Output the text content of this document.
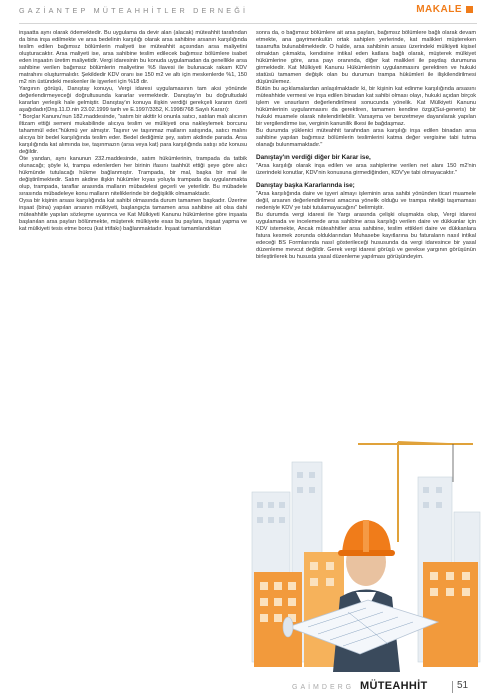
GAZİANTEP MÜTEAHHİTLER DERNEĞİ	MAKALE

inşaatta aynı olarak ödemektedir. Bu uygulama da devir alan (alacak) müteahhit tarafından da bina inşa edilmekte ve arsa bedelinin karşılığı olarak arsa sahibine arsanın karşılığında teslim edilen bağımsız bölümlerin maliyeti ise müteahhit açısından arsa maliyetini oluşturacaktır. Arsa maliyeti ise, arsa sahibine teslim edilecek bağımsız bölümlere isabet eden inşaatın üretim maliyetidir. Vergi idaresinin bu konuda uygulamadan da genellikle arsa sahibine verilen bağımsız bölümlerin maliyetine %5 ilavesi ile bulunacak rakam KDV matrahını oluşturmalıdır. Şekildedir KDV oranı ise 150 m2 ve altı için meskenlerde %1, 150 m2 nin üstündeki meskenler ile işyerleri için %18 dir.

Yargının görüşü, Danıştay konuyu, Vergi idaresi uygulamasının tam aksi yönünde değerlendirmeyeceği doğrultusunda kararlar vermektedir. Danıştay'ın bu doğrultudaki kararları yerleşik hale gelmiştir. Danıştay'ın konuya ilişkin verdiği gerekçeli kararın özeti aşağıdadır(Dnş.11.D.nin 23.02.1999 tarih ve E.1997/3352, K.1998/768 Sayılı Kararı):

" Borçlar Kanunu'nun 182.maddesinde, "satım bir akittir ki onunla satıcı, satılan malı alıcının iltizam ettiği semeni mukabilinde alıcıya teslim ve mülkiyeti ona nakleylemek borcunu tahammül eder."hükmü yer almıştır. Taşınır ve taşınmaz malların satışında, satıcı malını alıcıya bir bedel karşılığında teslim eder. Bedel dediğimiz şey, satım akdinde parada. Arsa karşılığında kat alımında ise, taşınmazın (arsa veya kat) para karşılığında satışı söz konusu değildir.

Öte yandan, aynı kanunun 232.maddesinde, satım hükümlerinin, trampada da tatbik olunacağı; şöyle ki, trampa edenlerden her birinin ifasını taahhüt ettiği şeye göre alıcı hükmünde tutulacağı hükme bağlanmıştır. Trampada, bir mal, başka bir mal ile değiştirilmektedir. Satım akdine ilişkin hükümler kıyas yoluyla trampada da uygulanmakta olup, trampada, taraflar arasında malların mübadelesi geçerli ve yeterlidir. Bu mübadele sırasında mübadeleye konu malların niteliklerinde bir değişiklik olmamaktadır.

Oysa bir kişinin arsası karşılığında kat sahibi olmasında durum tamamen başkadır. Üzerine inşaat (bina) yapılan arsanın mülkiyeti, başlangıçta tamamen arsa sahibine ait olsa dahi müteahhitle yapılan sözleşme uyarınca ve Kat Mülkiyeti Kanunu hükümlerine göre inşaata başlanılan arsa payları bölünmekte, müşterek mülkiyete esas bu paylara, inşaat yapma ve kat mülkiyeti tesis etme borcu (kat irtifakı) bağlanmaktadır. İnşaat tamamlandıktan

sonra da, o bağımsız bölümlere ait arsa payları, bağımsız bölümlere bağlı olarak devam etmekte, ana gayrimenkulün ortak sahiplen yerlerinde, kat malikleri müştereken tasarrufta bulunabilmektedir. O halde, arsa sahibinin arsası üzerindeki mülkiyeti kişisel olmaktan çıkmakta, kendisine intikal eden katlara bağlı olarak, müşterek mülkiyet hükümlerine göre, arsa payı oranında, diğer kat malikleri ile paydaş durumuna girmektedir. Kat Mülkiyeti Kanunu Hükümlerinin uygulanmasını gerektiren ve hukuki statüsü tamamen değişik olan bu durumun trampa hükümleri ile ilişkilendirilmesi düşünülemez.

Bütün bu açıklamalardan anlaşılmaktadır ki, bir kişinin kat edinme karşılığında arsasını müteahhide vermesi ve inşa edilen binadan kat sahibi olması olayı, hukuki açıdan birçok işlem ve unsurların değerlendirilmesi sonucunda yönelik. Kat Mülkiyeti Kanunu hükümlerinin uygulanmasını da gerektiren, tamamen kendine özgü(Sui-generis) bir hukuki muamele olarak nitelendirilebilir. Varsayma ve benzetmeye dayanılarak yapılan bir vergilendirme ise, verginin kanunilik ilkesi ile bağdaşmaz.

Bu durumda yüklenici müteahhit tarafından arsa karşılığı inşa edilen binadan arsa sahibine yapılan bağımsız bölümlerin teslimlerini katma değer vergisine tabi tutma olanağı bulunmamaktadır."

Danıştay'ın verdiği diğer bir Karar ise,

"Arsa karşılığı olarak inşa edilen ve arsa sahiplerine verilen net alanı 150 m2'nin üzerindeki konutlar, KDV'nin konusuna girmediğinden, KDV'ye tabi olmayacaktır."

Danıştay başka Kararlarında ise;

"Arsa karşılığında daire ve işyeri almayı işleminin arsa sahibi yönünden ticari muamele değil, arsanın değerlendirilmesi amacına yönelik olduğu ve trampa niteliği taşımaması nedeniyle KDV ye tabi tutulamayacağını" belirmiştir.

Bu durumda vergi idaresi ile Yargı arasında çelişki oluşmakta olup, Vergi idaresi uygulamada ve incelemede arsa sahibine arsa karşılığı verilen daire ve dükkanlar için KDV istemekte, Ancak müteahhitler arsa sahibine, teslim ettikleri daire ve dükkanlara fatura kesmek zorunda olduklarından Muhasebe kayıtlarına bu faturaların nasıl intikal edeceği BS Formlarında nasıl gösterileceği hususunda da vergi idaresince bir yasal düzenleme mevcut değildir. Gerek vergi idaresi görüşü ve gerekse yargının görüşünün birleştirilerek bu hususta yasal düzenleme yapılması görüşündeyim.

GAİMDERG MÜTEAHHİT	51
